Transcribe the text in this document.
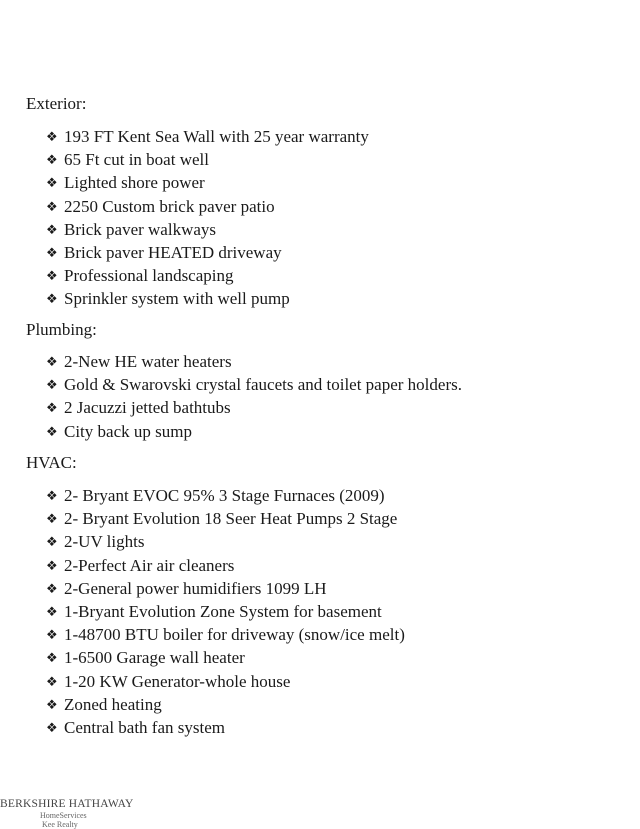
Exterior:
❖ 193 FT Kent Sea Wall with 25 year warranty
❖ 65 Ft cut in boat well
❖ Lighted shore power
❖ 2250 Custom brick paver patio
❖ Brick paver walkways
❖ Brick paver HEATED driveway
❖ Professional landscaping
❖ Sprinkler system with well pump
Plumbing:
❖ 2-New HE water heaters
❖ Gold & Swarovski crystal faucets and toilet paper holders.
❖ 2 Jacuzzi jetted bathtubs
❖ City back up sump
HVAC:
❖ 2- Bryant EVOC 95% 3 Stage Furnaces (2009)
❖ 2- Bryant Evolution 18 Seer Heat Pumps 2 Stage
❖ 2-UV lights
❖ 2-Perfect Air air cleaners
❖ 2-General power humidifiers 1099 LH
❖ 1-Bryant Evolution Zone System for basement
❖ 1-48700 BTU boiler for driveway (snow/ice melt)
❖ 1-6500 Garage wall heater
❖ 1-20 KW Generator-whole house
❖ Zoned heating
❖ Central bath fan system
BERKSHIRE HATHAWAY
HomeServices
Kee Realty
